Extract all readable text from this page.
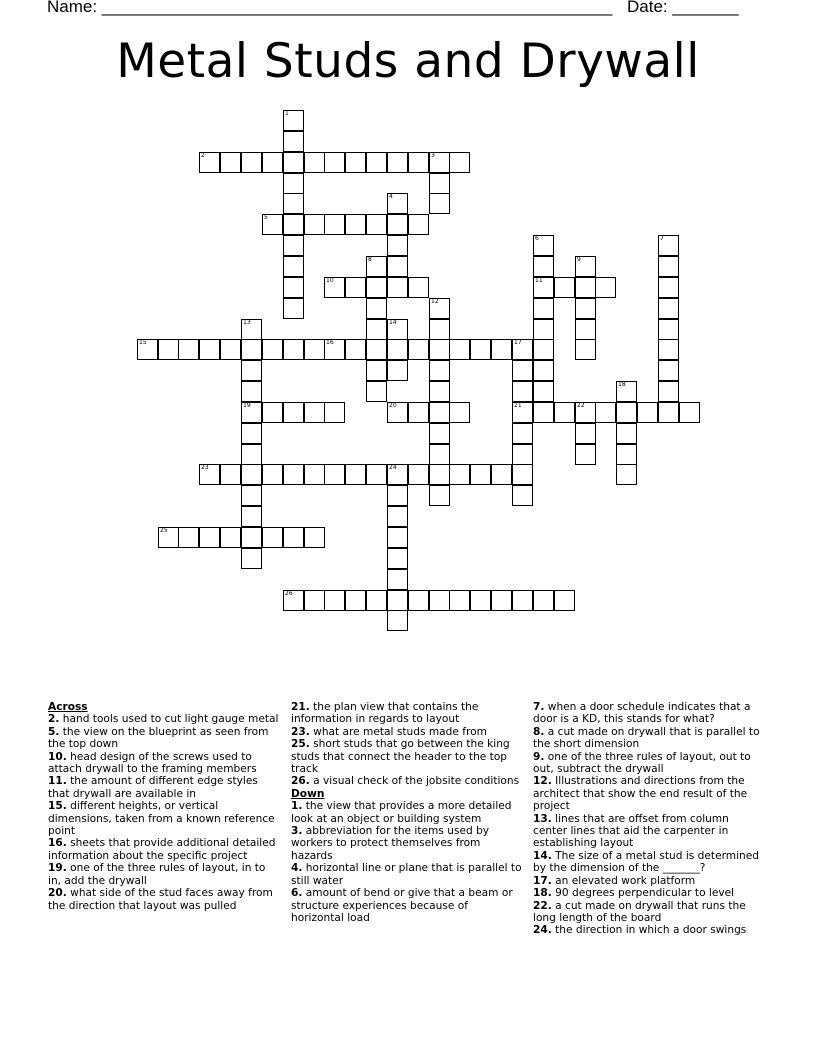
Name: ______________________________________________________ Date: _______
Metal Studs and Drywall
1
2	3
4
5
6
11
7
8	9
10
12
13
19
14
15	16	17
21
18
20	22
23	24
25
26

Across

2. hand tools used to cut light gauge metal

5. the view on the blueprint as seen from the top down

10. head design of the screws used to attach drywall to the framing members

11. the amount of different edge styles that drywall are available in

15. different heights, or vertical dimensions, taken from a known reference point

16. sheets that provide additional detailed information about the specific project

19. one of the three rules of layout, in to in, add the drywall

20. what side of the stud faces away from the direction that layout was pulled

21. the plan view that contains the information in regards to layout

23. what are metal studs made from

25. short studs that go between the king studs that connect the header to the top track

26. a visual check of the jobsite conditions

Down

1. the view that provides a more detailed look at an object or building system

3. abbreviation for the items used by workers to protect themselves from hazards

4. horizontal line or plane that is parallel to still water

6. amount of bend or give that a beam or structure experiences because of horizontal load

7. when a door schedule indicates that a door is a KD, this stands for what?

8. a cut made on drywall that is parallel to the short dimension

9. one of the three rules of layout, out to out, subtract the drywall

12. Illustrations and directions from the architect that show the end result of the project

13. lines that are offset from column center lines that aid the carpenter in establishing layout

14. The size of a metal stud is determined by the dimension of the _______?

17. an elevated work platform

18. 90 degrees perpendicular to level

22. a cut made on drywall that runs the long length of the board

24. the direction in which a door swings
